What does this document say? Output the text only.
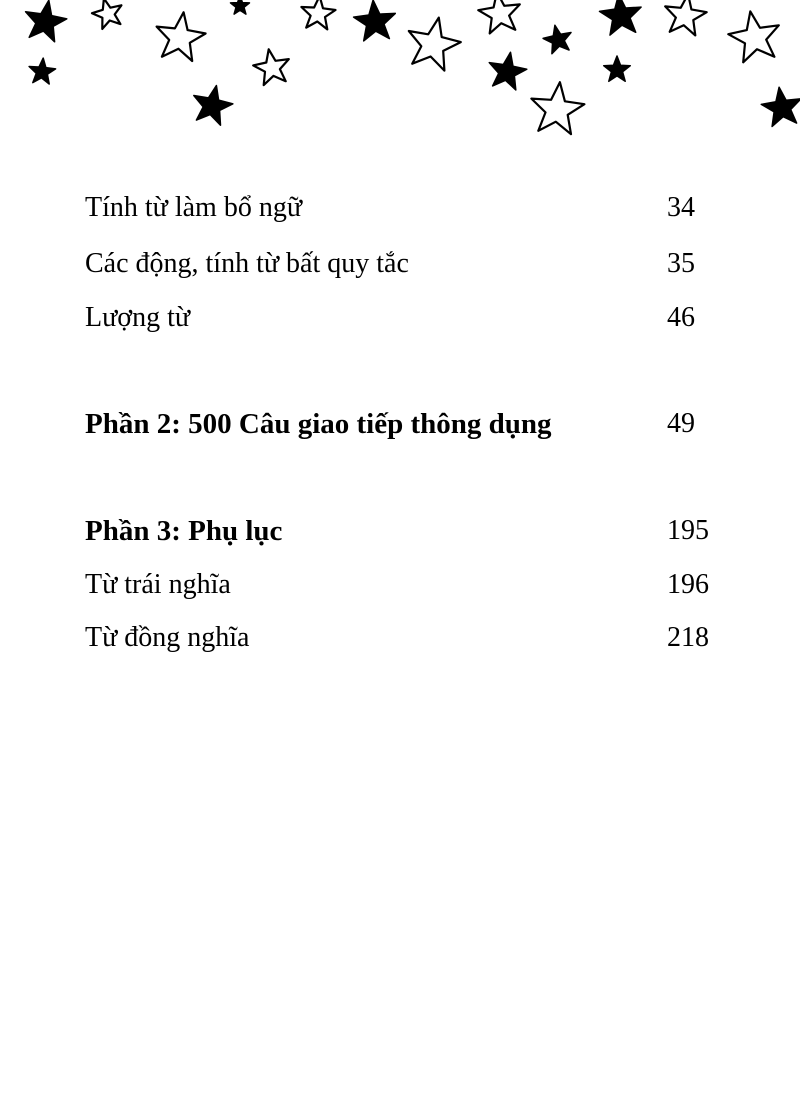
Tính từ làm bổ ngữ	34
Các động, tính từ bất quy tắc	35
Lượng từ	46
Phần 2: 500 Câu giao tiếp thông dụng	49
Phần 3: Phụ lục	195
Từ trái nghĩa	196
Từ đồng nghĩa	218
